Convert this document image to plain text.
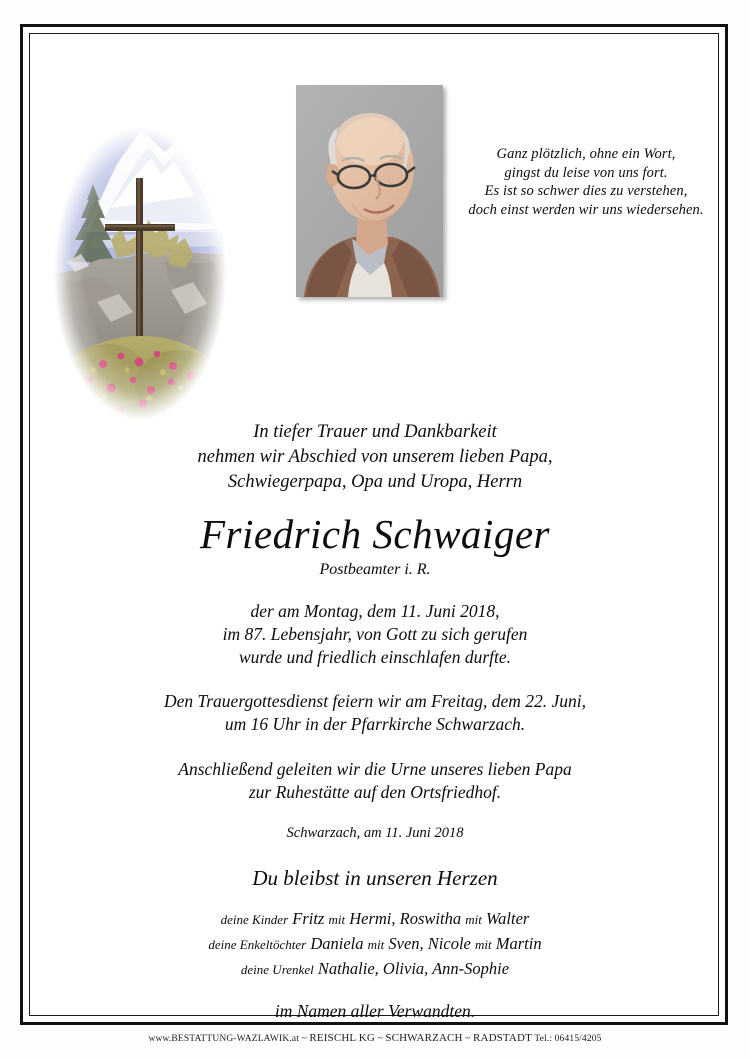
Ganz plötzlich, ohne ein Wort,
gingst du leise von uns fort.
Es ist so schwer dies zu verstehen,
doch einst werden wir uns wiedersehen.
In tiefer Trauer und Dankbarkeit
nehmen wir Abschied von unserem lieben Papa,
Schwiegerpapa, Opa und Uropa, Herrn
Friedrich Schwaiger
Postbeamter i. R.
der am Montag, dem 11. Juni 2018,
im 87. Lebensjahr, von Gott zu sich gerufen
wurde und friedlich einschlafen durfte.
Den Trauergottesdienst feiern wir am Freitag, dem 22. Juni,
um 16 Uhr in der Pfarrkirche Schwarzach.
Anschließend geleiten wir die Urne unseres lieben Papa
zur Ruhestätte auf den Ortsfriedhof.
Schwarzach, am 11. Juni 2018
Du bleibst in unseren Herzen
deine Kinder Fritz mit Hermi, Roswitha mit Walter
deine Enkeltöchter Daniela mit Sven, Nicole mit Martin
deine Urenkel Nathalie, Olivia, Ann-Sophie
im Namen aller Verwandten.
www.BESTATTUNG-WAZLAWIK.at ~ REISCHL KG ~ SCHWARZACH ~ RADSTADT Tel.: 06415/4205
